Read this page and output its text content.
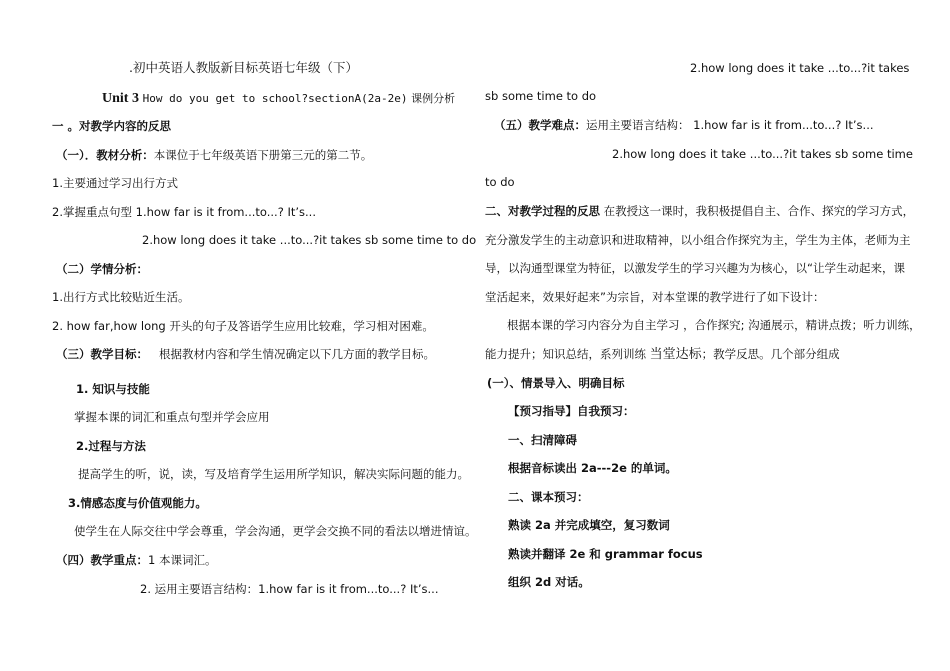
.初中英语人教版新目标英语七年级（下）
Unit 3 How do you get to school?sectionA(2a-2e) 课例分析
一 。对教学内容的反思
（一）．教材分析：本课位于七年级英语下册第三元的第二节。
1.主要通过学习出行方式
2.掌握重点句型 1.how far is it from...to...? It’s...
2.how long does it take ...to...?it takes sb some time to do
（二）学情分析：
1.出行方式比较贴近生活。
2. how far,how long 开头的句子及答语学生应用比较难，学习相对困难。
（三）教学目标： 根据教材内容和学生情况确定以下几方面的教学目标。
1. 知识与技能
掌握本课的词汇和重点句型并学会应用
2.过程与方法
提高学生的听，说，读，写及培育学生运用所学知识，解决实际问题的能力。
3.情感态度与价值观能力。
使学生在人际交往中学会尊重，学会沟通，更学会交换不同的看法以增进情谊。
（四）教学重点：1 本课词汇。
2. 运用主要语言结构：1.how far is it from...to...? It’s...
2.how long does it take ...to...?it takes
sb some time to do
（五）教学难点：运用主要语言结构： 1.how far is it from...to...? It’s...
2.how long does it take ...to...?it takes sb some time
to do
二、对教学过程的反思 在教授这一课时，我积极提倡自主、合作、探究的学习方式，
充分激发学生的主动意识和进取精神，以小组合作探究为主，学生为主体，老师为主
导，以沟通型课堂为特征，以激发学生的学习兴趣为为核心，以“让学生动起来，课
堂活起来，效果好起来”为宗旨，对本堂课的教学进行了如下设计：
根据本课的学习内容分为自主学习 ，合作探究; 沟通展示，精讲点拨；听力训练，
能力提升；知识总结，系列训练 当堂达标；教学反思。几个部分组成
(一）、情景导入、明确目标
【预习指导】自我预习：
一、扫清障碍
根据音标读出 2a---2e 的单词。
二、课本预习：
熟读 2a 并完成填空，复习数词
熟读并翻译 2e 和 grammar focus
组织 2d 对话。
